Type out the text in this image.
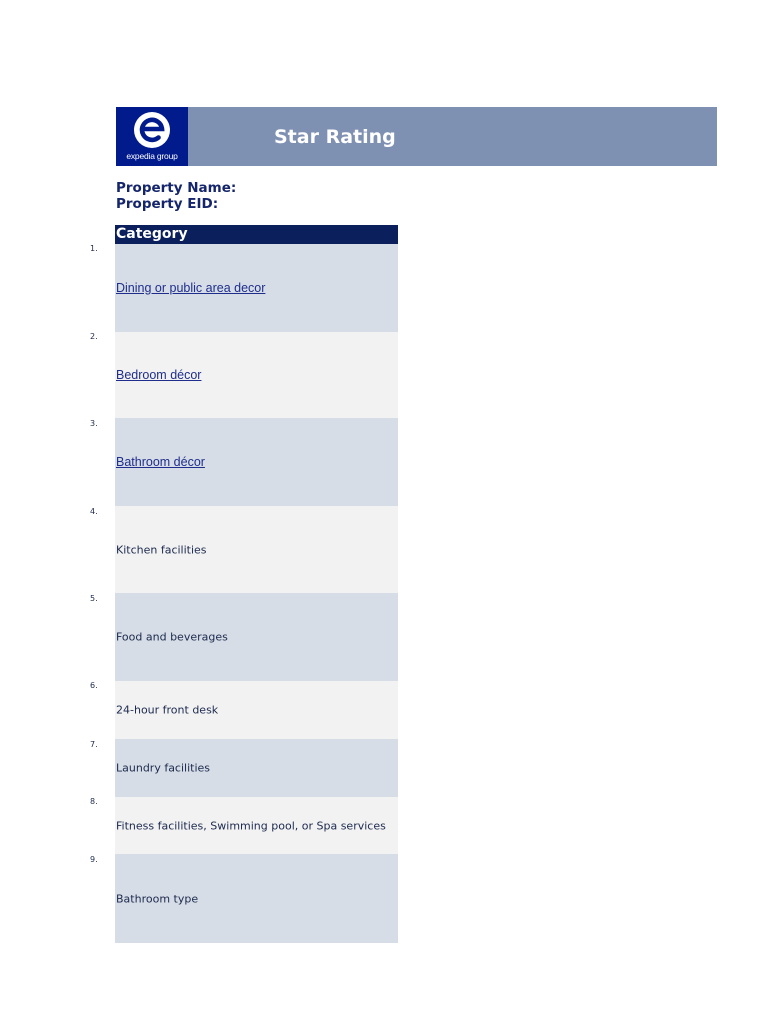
expedia group
Star Rating
Property Name:
Property EID:
Category
1.
2.
3.
4.
5.
6.
7.
8.
9.
Dining or public area decor
Bedroom décor
Bathroom décor
Kitchen facilities
Food and beverages
24-hour front desk
Laundry facilities
Fitness facilities, Swimming pool, or Spa services
Bathroom type
